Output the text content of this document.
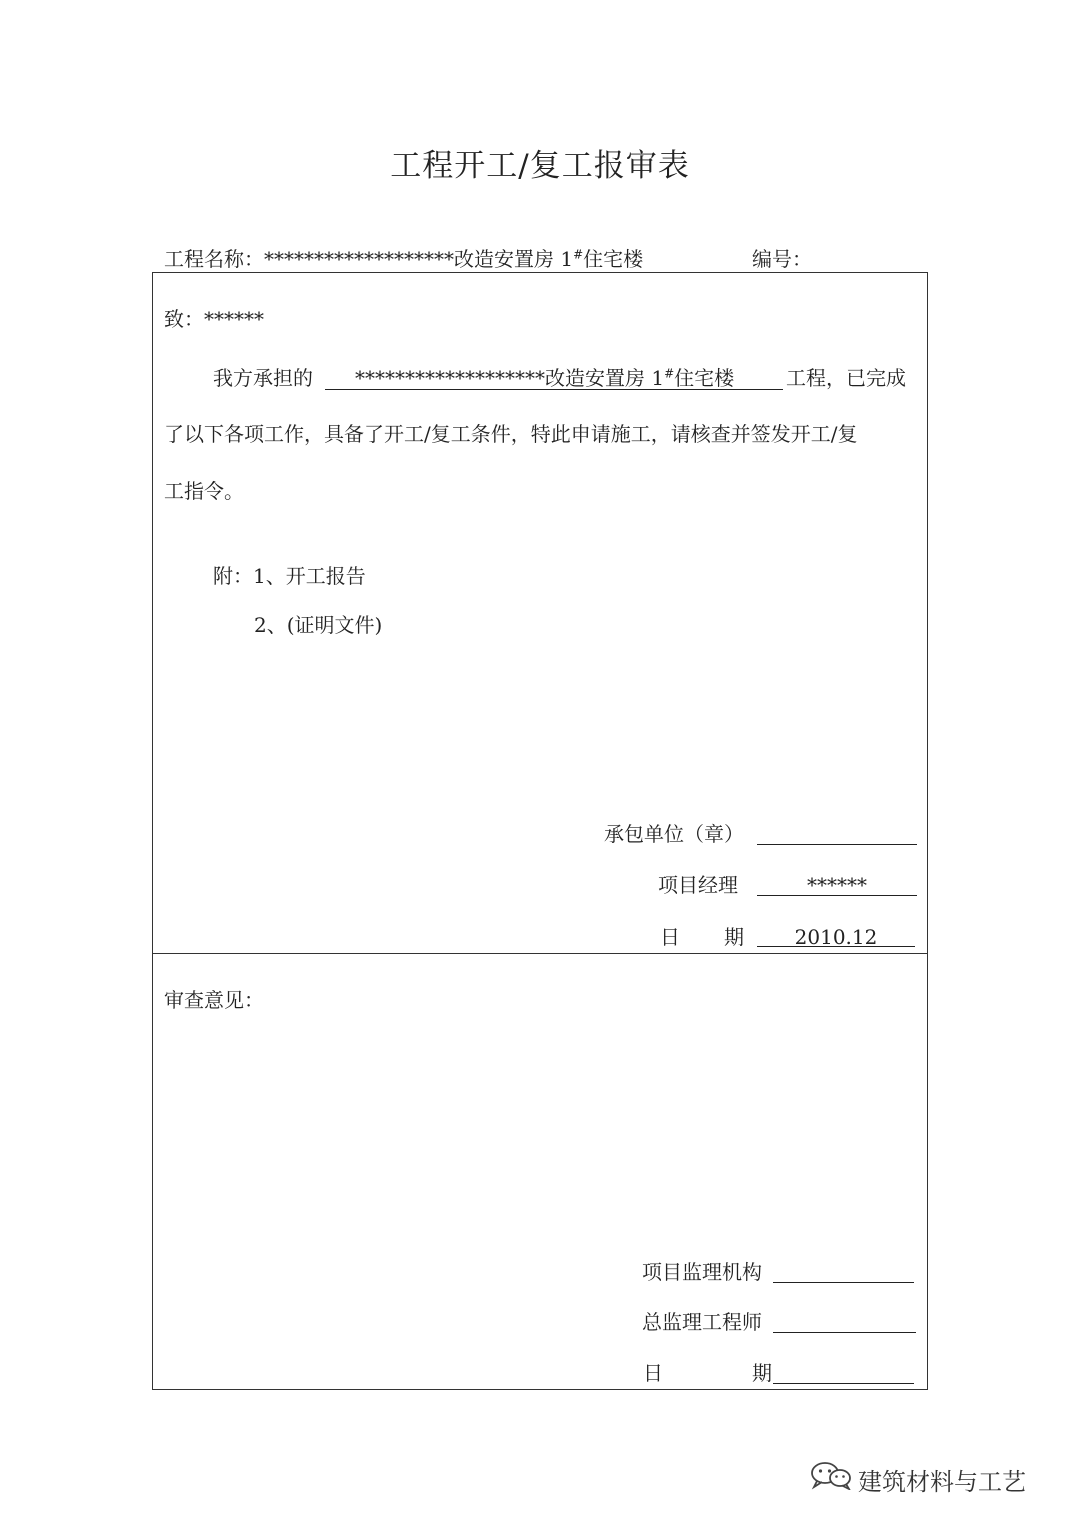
工程开工/复工报审表
工程名称：*******************改造安置房 1#住宅楼	编号：
致：******
我方承担的 *******************改造安置房 1#住宅楼	工程，已完成
了以下各项工作，具备了开工/复工条件，特此申请施工，请核查并签发开工/复
工指令。
附：1、开工报告
2、(证明文件)
承包单位（章）
项目经理	******
日 期	2010.12
审查意见：
项目监理机构
总监理工程师
日	期
建筑材料与工艺
